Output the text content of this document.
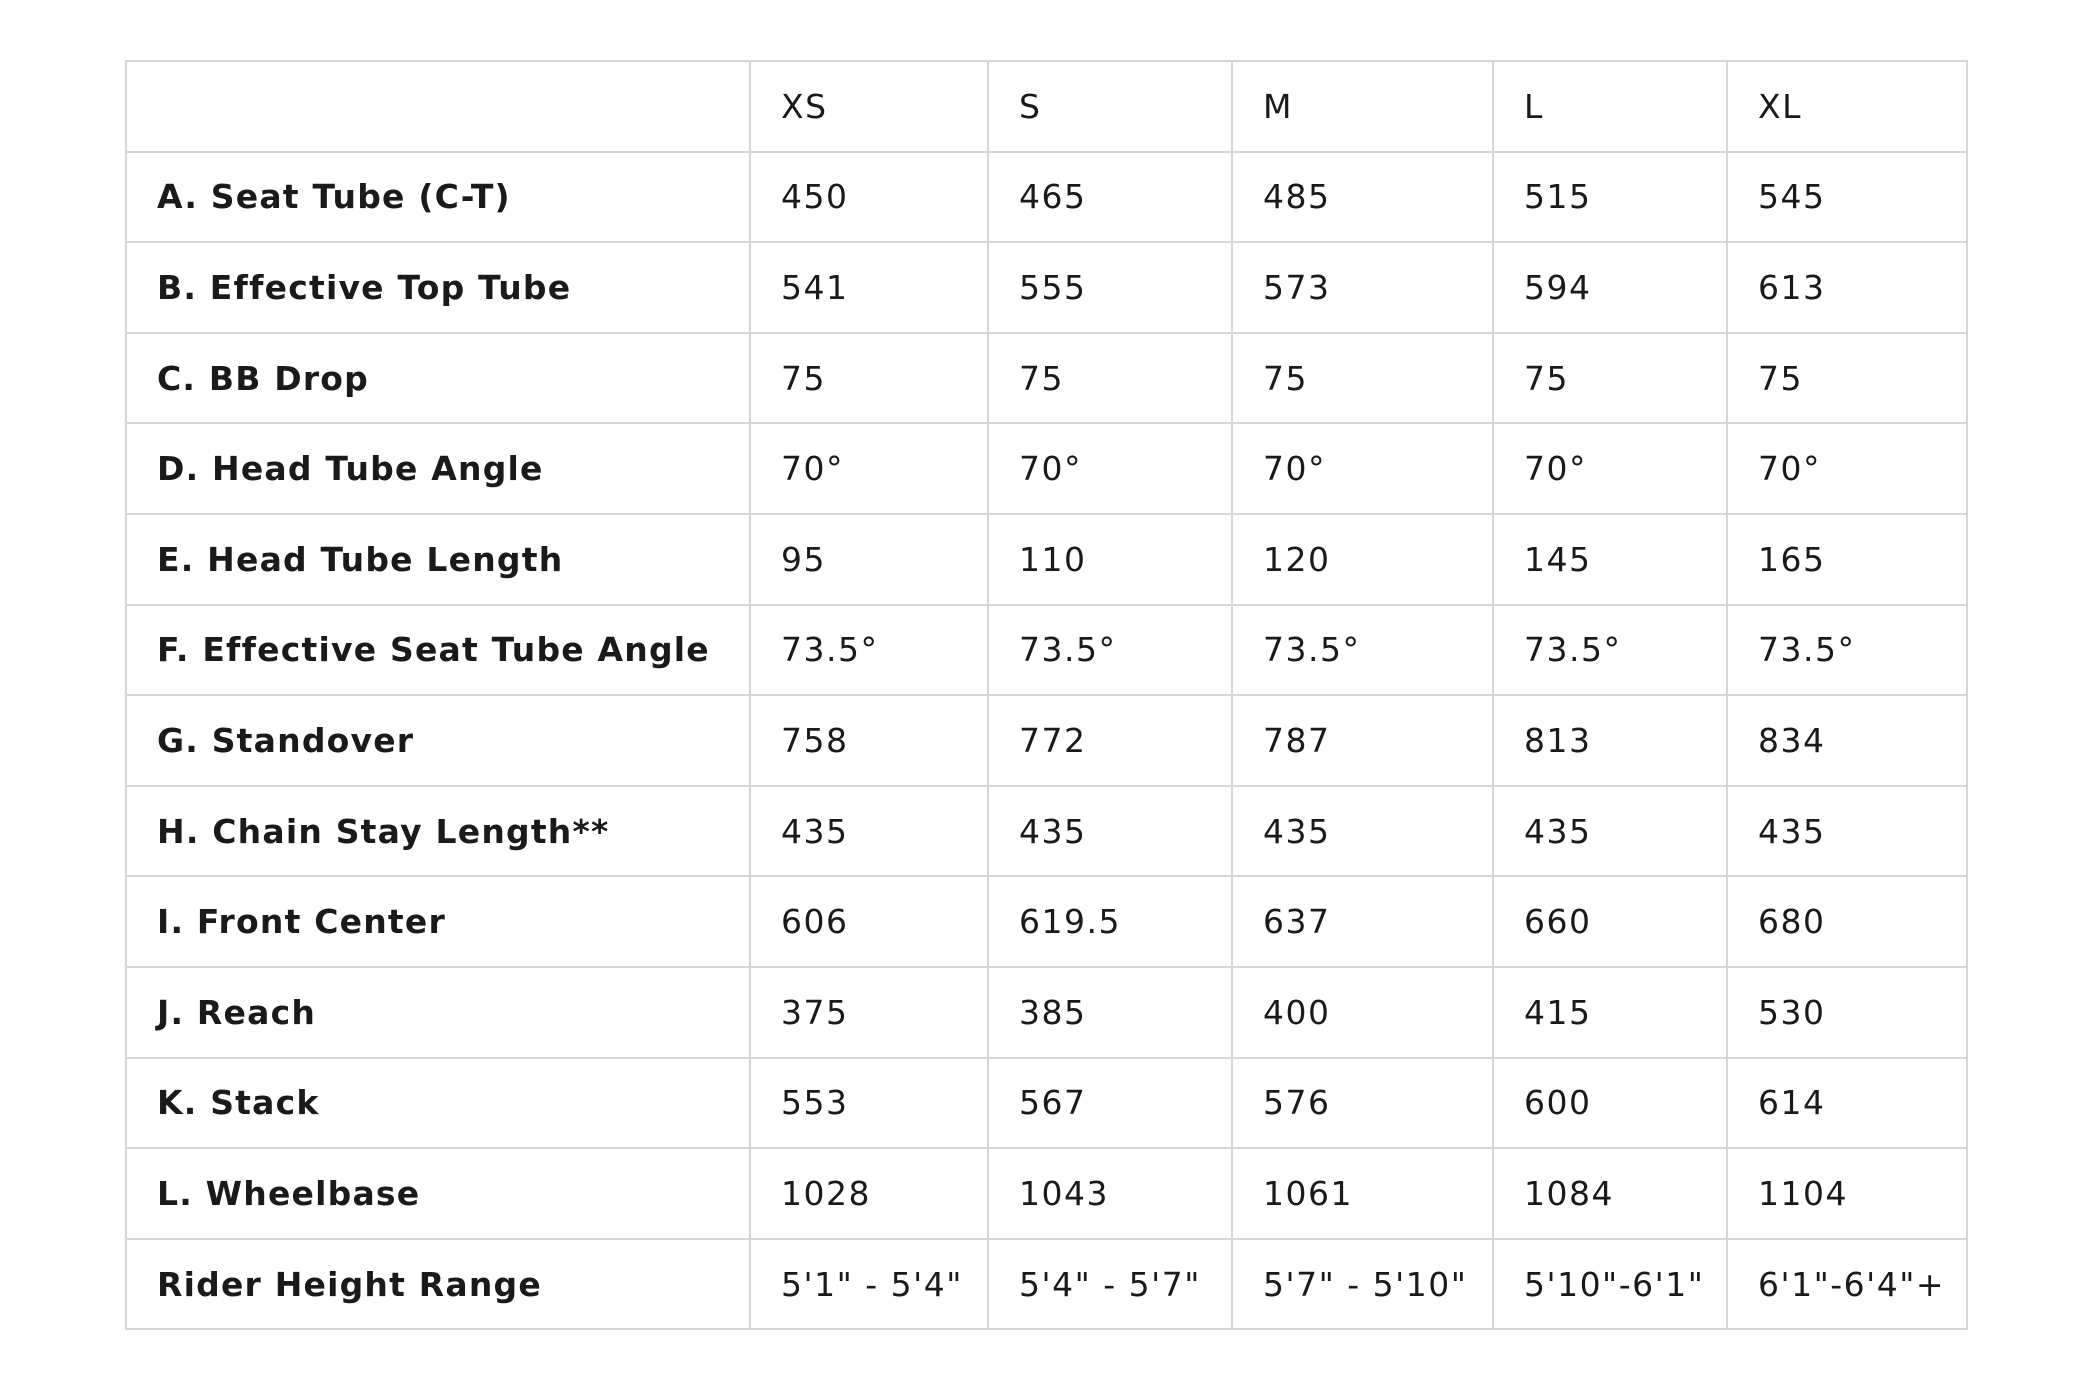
	XS	S	M	L	XL
A. Seat Tube (C-T)	450	465	485	515	545
B. Effective Top Tube	541	555	573	594	613
C. BB Drop	75	75	75	75	75
D. Head Tube Angle	70°	70°	70°	70°	70°
E. Head Tube Length	95	110	120	145	165
F. Effective Seat Tube Angle	73.5°	73.5°	73.5°	73.5°	73.5°
G. Standover	758	772	787	813	834
H. Chain Stay Length**	435	435	435	435	435
I. Front Center	606	619.5	637	660	680
J. Reach	375	385	400	415	530
K. Stack	553	567	576	600	614
L. Wheelbase	1028	1043	1061	1084	1104
Rider Height Range	5'1" - 5'4"	5'4" - 5'7"	5'7" - 5'10"	5'10"-6'1"	6'1"-6'4"+
